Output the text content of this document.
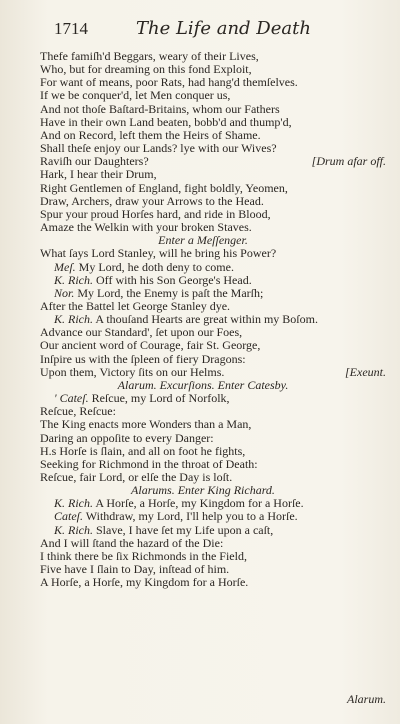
1714	The Life and Death
Thefe famiſh'd Beggars, weary of their Lives,
Who, but for dreaming on this fond Exploit,
For want of means, poor Rats, had hang'd themſelves.
If we be conquer'd, let Men conquer us,
And not thoſe Baſtard-Britains, whom our Fathers
Have in their own Land beaten, bobb'd and thump'd,
And on Record, left them the Heirs of Shame.
Shall theſe enjoy our Lands? lye with our Wives?
Raviſh our Daughters?	[Drum afar off.
Hark, I hear their Drum,
Right Gentlemen of England, fight boldly, Yeomen,
Draw, Archers, draw your Arrows to the Head.
Spur your proud Horſes hard, and ride in Blood,
Amaze the Welkin with your broken Staves.
Enter a Meſſenger.
What ſays Lord Stanley, will he bring his Power?
Meſ. My Lord, he doth deny to come.
K. Rich. Off with his Son George's Head.
Nor. My Lord, the Enemy is paſt the Marſh;
After the Battel let George Stanley dye.
K. Rich. A thouſand Hearts are great within my Boſom.
Advance our Standard', ſet upon our Foes,
Our ancient word of Courage, fair St. George,
Inſpire us with the ſpleen of fiery Dragons:
Upon them, Victory ſits on our Helms.	[Exeunt.
Alarum. Excurſions. Enter Catesby.
' Cateſ. Reſcue, my Lord of Norfolk,
Reſcue, Reſcue:
The King enacts more Wonders than a Man,
Daring an oppoſite to every Danger:
H.s Horſe is ſlain, and all on foot he fights,
Seeking for Richmond in the throat of Death:
Reſcue, fair Lord, or elſe the Day is loſt.
Alarums. Enter King Richard.
K. Rich. A Horſe, a Horſe, my Kingdom for a Horſe.
Cateſ. Withdraw, my Lord, I'll help you to a Horſe.
K. Rich. Slave, I have ſet my Life upon a caſt,
And I will ſtand the hazard of the Die:
I think there be ſix Richmonds in the Field,
Five have I ſlain to Day, inſtead of him.
A Horſe, a Horſe, my Kingdom for a Horſe.
Alarum.
